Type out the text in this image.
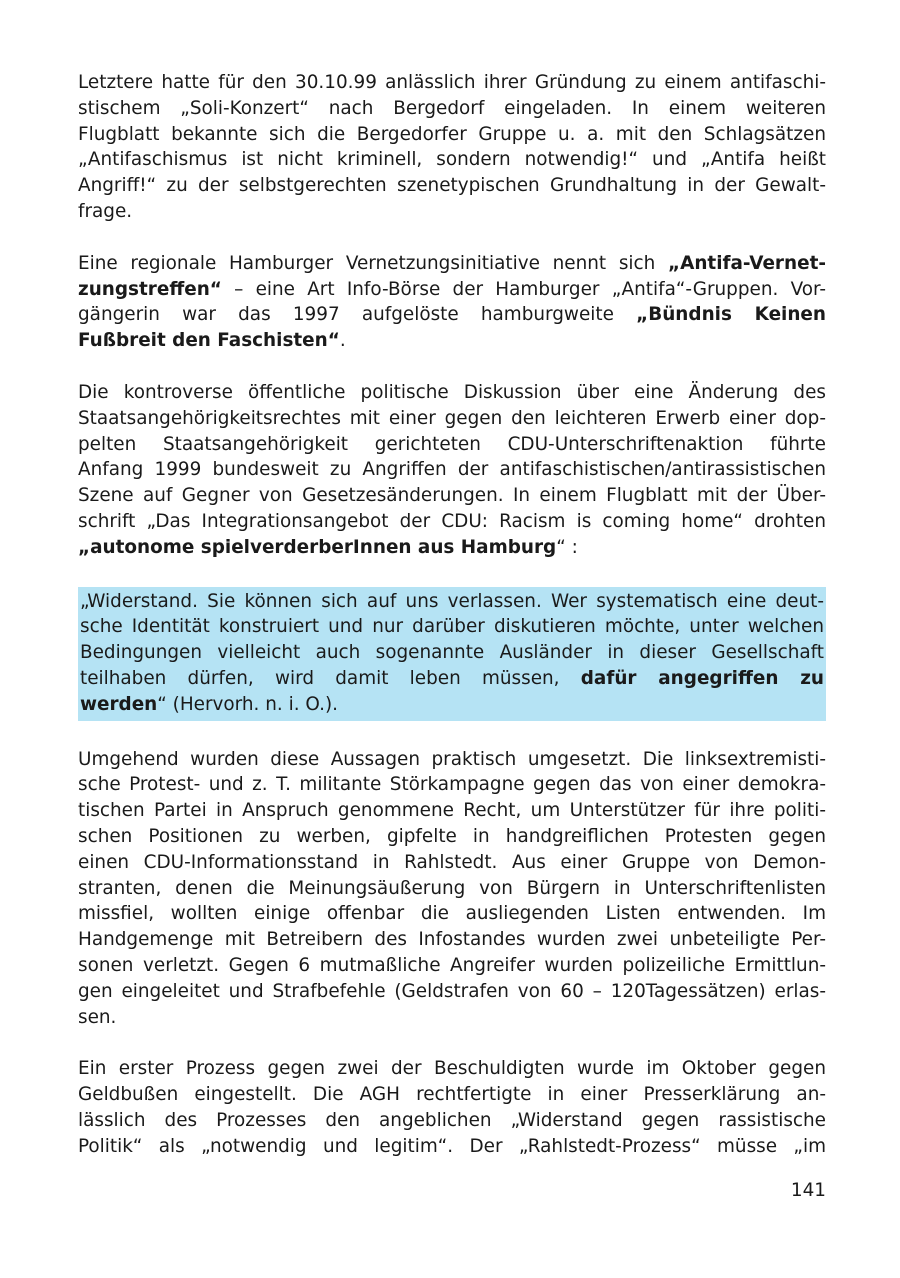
Letztere hatte für den 30.10.99 anlässlich ihrer Gründung zu einem antifaschi-
stischem „Soli-Konzert“ nach Bergedorf eingeladen. In einem weiteren
Flugblatt bekannte sich die Bergedorfer Gruppe u. a. mit den Schlagsätzen
„Antifaschismus ist nicht kriminell, sondern notwendig!“ und „Antifa heißt
Angriff!“ zu der selbstgerechten szenetypischen Grundhaltung in der Gewalt-
frage.
Eine regionale Hamburger Vernetzungsinitiative nennt sich „Antifa-Vernet-
zungstreffen“ – eine Art Info-Börse der Hamburger „Antifa“-Gruppen. Vor-
gängerin war das 1997 aufgelöste hamburgweite „Bündnis Keinen
Fußbreit den Faschisten“.
Die kontroverse öffentliche politische Diskussion über eine Änderung des
Staatsangehörigkeitsrechtes mit einer gegen den leichteren Erwerb einer dop-
pelten Staatsangehörigkeit gerichteten CDU-Unterschriftenaktion führte
Anfang 1999 bundesweit zu Angriffen der antifaschistischen/antirassistischen
Szene auf Gegner von Gesetzesänderungen. In einem Flugblatt mit der Über-
schrift „Das Integrationsangebot der CDU: Racism is coming home“ drohten
„autonome spielverderberInnen aus Hamburg“ :
„Widerstand. Sie können sich auf uns verlassen. Wer systematisch eine deut-
sche Identität konstruiert und nur darüber diskutieren möchte, unter welchen
Bedingungen vielleicht auch sogenannte Ausländer in dieser Gesellschaft
teilhaben dürfen, wird damit leben müssen, dafür angegriffen zu
werden“ (Hervorh. n. i. O.).
Umgehend wurden diese Aussagen praktisch umgesetzt. Die linksextremisti-
sche Protest- und z. T. militante Störkampagne gegen das von einer demokra-
tischen Partei in Anspruch genommene Recht, um Unterstützer für ihre politi-
schen Positionen zu werben, gipfelte in handgreiflichen Protesten gegen
einen CDU-Informationsstand in Rahlstedt. Aus einer Gruppe von Demon-
stranten, denen die Meinungsäußerung von Bürgern in Unterschriftenlisten
missfiel, wollten einige offenbar die ausliegenden Listen entwenden. Im
Handgemenge mit Betreibern des Infostandes wurden zwei unbeteiligte Per-
sonen verletzt. Gegen 6 mutmaßliche Angreifer wurden polizeiliche Ermittlun-
gen eingeleitet und Strafbefehle (Geldstrafen von 60 – 120Tagessätzen) erlas-
sen.
Ein erster Prozess gegen zwei der Beschuldigten wurde im Oktober gegen
Geldbußen eingestellt. Die AGH rechtfertigte in einer Presserklärung an-
lässlich des Prozesses den angeblichen „Widerstand gegen rassistische
Politik“ als „notwendig und legitim“. Der „Rahlstedt-Prozess“ müsse „im
141
